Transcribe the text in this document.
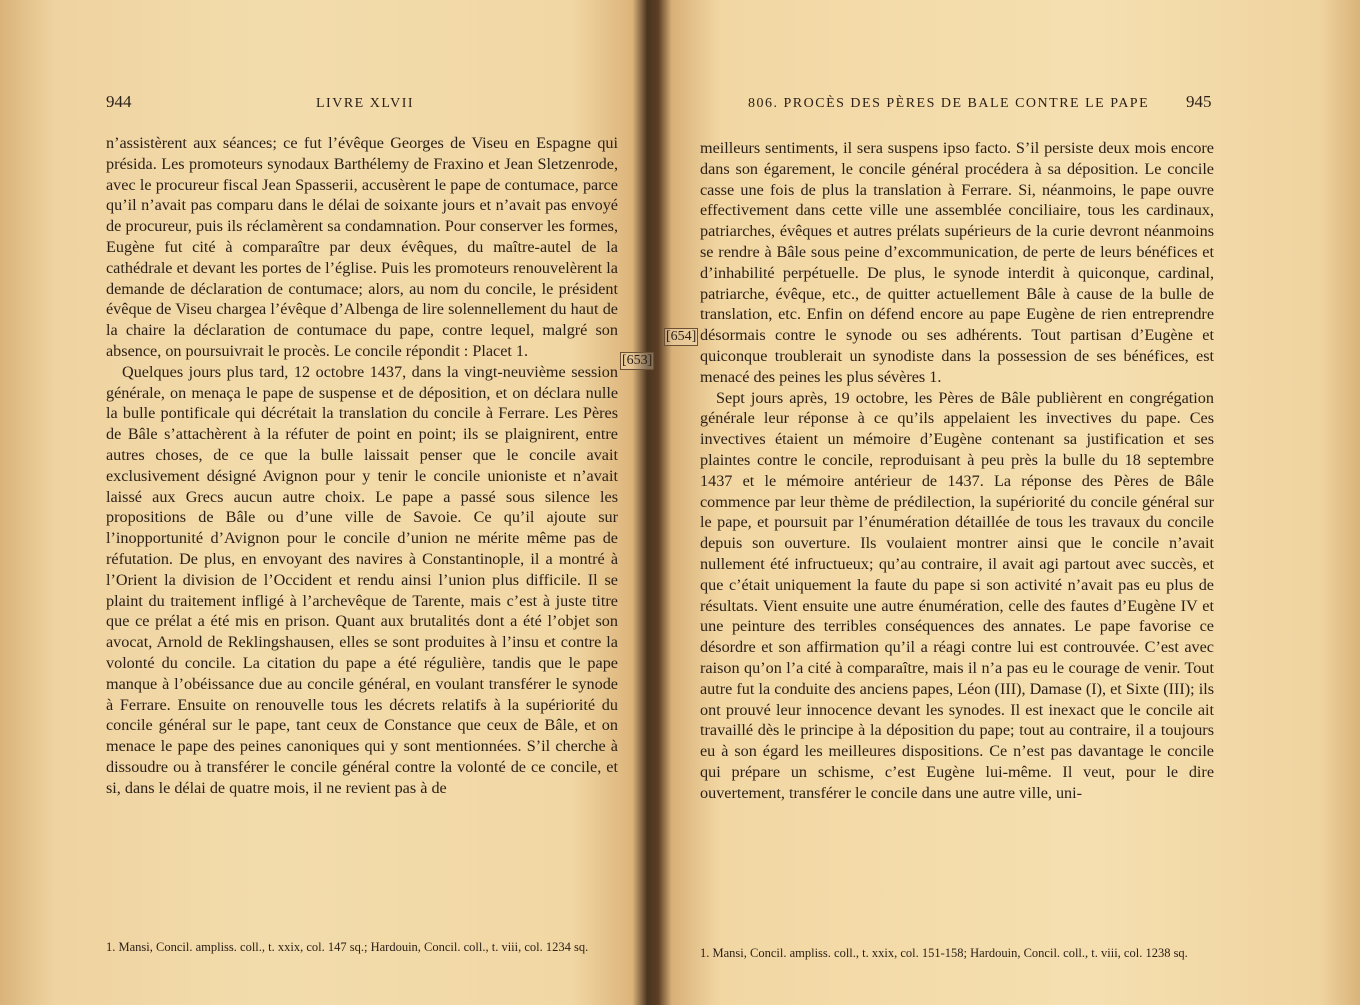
944	LIVRE XLVII

n’assistèrent aux séances; ce fut l’évêque Georges de Viseu en Espagne qui présida. Les promoteurs synodaux Barthélemy de Fraxino et Jean Sletzenrode, avec le procureur fiscal Jean Spasserii, accusèrent le pape de contumace, parce qu’il n’avait pas comparu dans le délai de soixante jours et n’avait pas envoyé de procureur, puis ils réclamèrent sa condamnation. Pour conserver les formes, Eugène fut cité à comparaître par deux évêques, du maître-autel de la cathédrale et devant les portes de l’église. Puis les promoteurs renouvelèrent la demande de déclaration de contumace; alors, au nom du concile, le président évêque de Viseu chargea l’évêque d’Albenga de lire solennellement du haut de la chaire la déclaration de contumace du pape, contre lequel, malgré son absence, on poursuivrait le procès. Le concile répondit : Placet 1.

Quelques jours plus tard, 12 octobre 1437, dans la vingt-neuvième session générale, on menaça le pape de suspense et de déposition, et on déclara nulle la bulle pontificale qui décrétait la translation du concile à Ferrare. Les Pères de Bâle s’attachèrent à la réfuter de point en point; ils se plaignirent, entre autres choses, de ce que la bulle laissait penser que le concile avait exclusivement désigné Avignon pour y tenir le concile unioniste et n’avait laissé aux Grecs aucun autre choix. Le pape a passé sous silence les propositions de Bâle ou d’une ville de Savoie. Ce qu’il ajoute sur l’inopportunité d’Avignon pour le concile d’union ne mérite même pas de réfutation. De plus, en envoyant des navires à Constantinople, il a montré à l’Orient la division de l’Occident et rendu ainsi l’union plus difficile. Il se plaint du traitement infligé à l’archevêque de Tarente, mais c’est à juste titre que ce prélat a été mis en prison. Quant aux brutalités dont a été l’objet son avocat, Arnold de Reklingshausen, elles se sont produites à l’insu et contre la volonté du concile. La citation du pape a été régulière, tandis que le pape manque à l’obéissance due au concile général, en voulant transférer le synode à Ferrare. Ensuite on renouvelle tous les décrets relatifs à la supériorité du concile général sur le pape, tant ceux de Constance que ceux de Bâle, et on menace le pape des peines canoniques qui y sont mentionnées. S’il cherche à dissoudre ou à transférer le concile général contre la volonté de ce concile, et si, dans le délai de quatre mois, il ne revient pas à de

[653]
1. Mansi, Concil. ampliss. coll., t. xxix, col. 147 sq.; Hardouin, Concil. coll., t. viii, col. 1234 sq.
806. PROCÈS DES PÈRES DE BALE CONTRE LE PAPE 945
[654]

meilleurs sentiments, il sera suspens ipso facto. S’il persiste deux mois encore dans son égarement, le concile général procédera à sa déposition. Le concile casse une fois de plus la translation à Ferrare. Si, néanmoins, le pape ouvre effectivement dans cette ville une assemblée conciliaire, tous les cardinaux, patriarches, évêques et autres prélats supérieurs de la curie devront néanmoins se rendre à Bâle sous peine d’excommunication, de perte de leurs bénéfices et d’inhabilité perpétuelle. De plus, le synode interdit à quiconque, cardinal, patriarche, évêque, etc., de quitter actuellement Bâle à cause de la bulle de translation, etc. Enfin on défend encore au pape Eugène de rien entreprendre désormais contre le synode ou ses adhérents. Tout partisan d’Eugène et quiconque troublerait un synodiste dans la possession de ses bénéfices, est menacé des peines les plus sévères 1.

Sept jours après, 19 octobre, les Pères de Bâle publièrent en congrégation générale leur réponse à ce qu’ils appelaient les invectives du pape. Ces invectives étaient un mémoire d’Eugène contenant sa justification et ses plaintes contre le concile, reproduisant à peu près la bulle du 18 septembre 1437 et le mémoire antérieur de 1437. La réponse des Pères de Bâle commence par leur thème de prédilection, la supériorité du concile général sur le pape, et poursuit par l’énumération détaillée de tous les travaux du concile depuis son ouverture. Ils voulaient montrer ainsi que le concile n’avait nullement été infructueux; qu’au contraire, il avait agi partout avec succès, et que c’était uniquement la faute du pape si son activité n’avait pas eu plus de résultats. Vient ensuite une autre énumération, celle des fautes d’Eugène IV et une peinture des terribles conséquences des annates. Le pape favorise ce désordre et son affirmation qu’il a réagi contre lui est controuvée. C’est avec raison qu’on l’a cité à comparaître, mais il n’a pas eu le courage de venir. Tout autre fut la conduite des anciens papes, Léon (III), Damase (I), et Sixte (III); ils ont prouvé leur innocence devant les synodes. Il est inexact que le concile ait travaillé dès le principe à la déposition du pape; tout au contraire, il a toujours eu à son égard les meilleures dispositions. Ce n’est pas davantage le concile qui prépare un schisme, c’est Eugène lui-même. Il veut, pour le dire ouvertement, transférer le concile dans une autre ville, uni-

1. Mansi, Concil. ampliss. coll., t. xxix, col. 151-158; Hardouin, Concil. coll., t. viii, col. 1238 sq.
